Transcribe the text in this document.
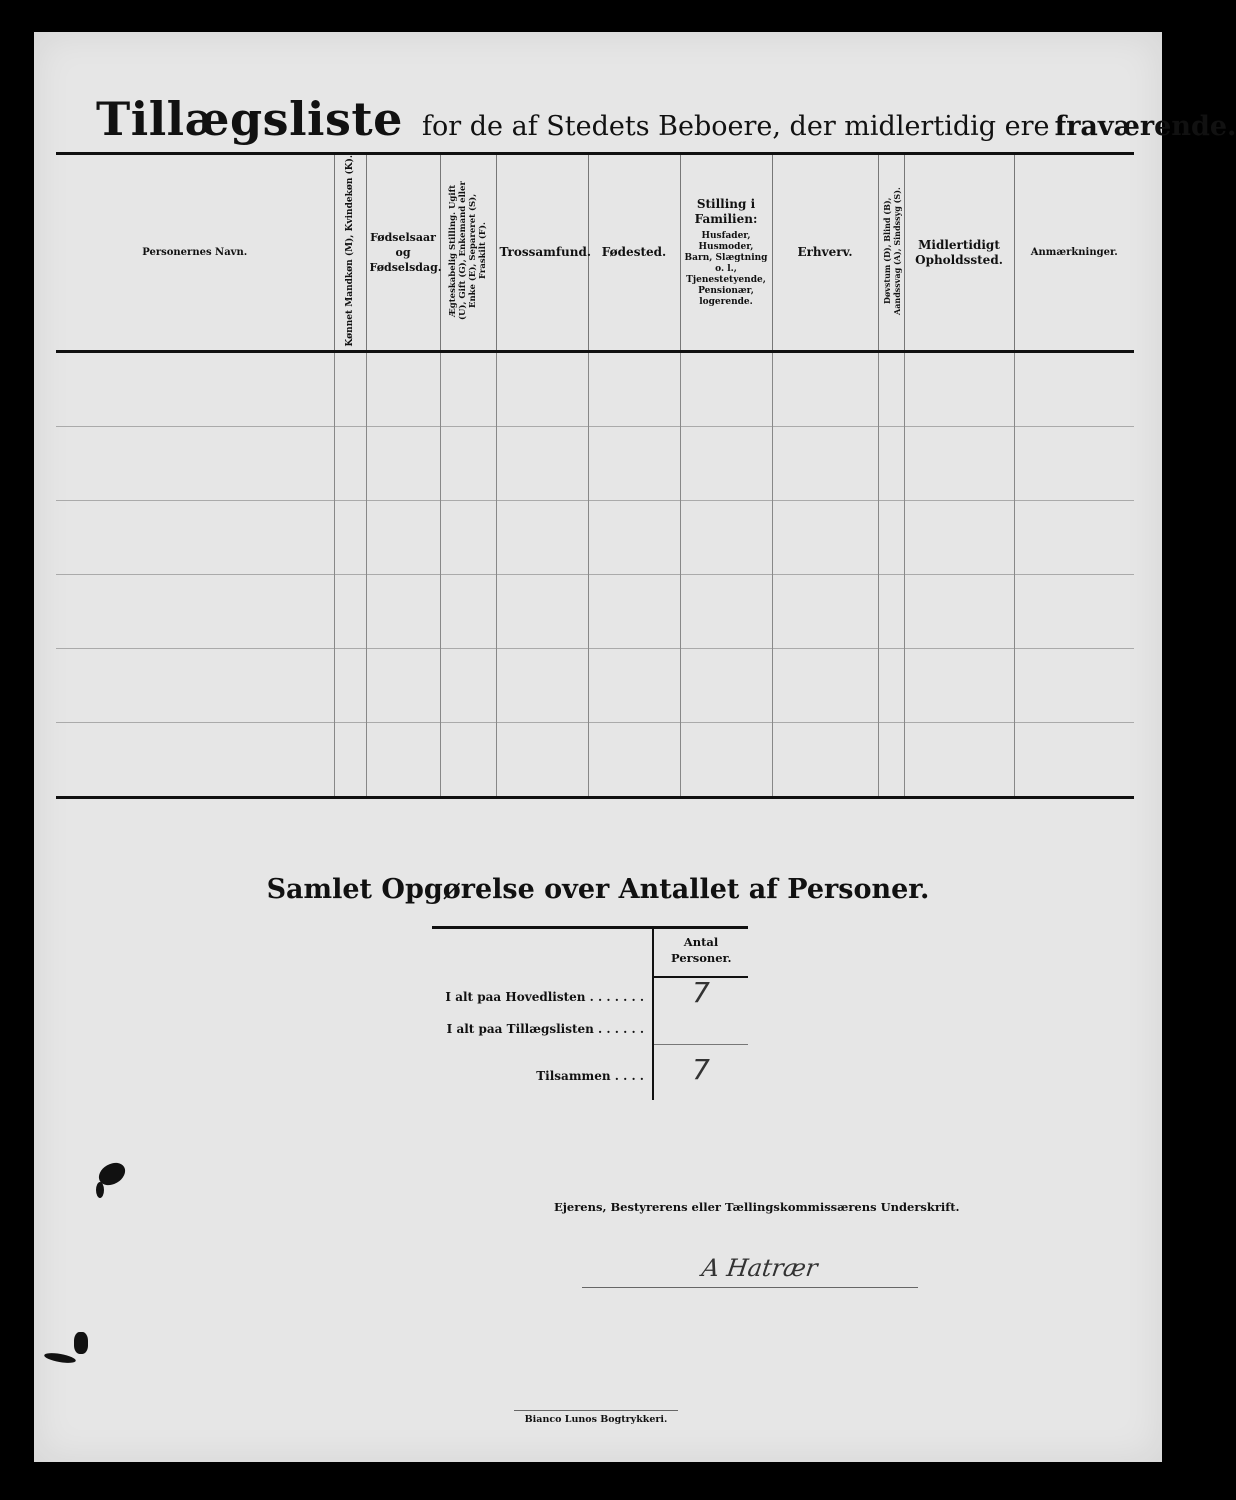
Tillægsliste for de af Stedets Beboere, der midlertidig ere fraværende.
Personernes Navn.	Kønnet Mandkøn (M), Kvindekøn (K).	Fødselsaar og Fødselsdag.	Ægteskabelig Stilling. Ugift (U), Gift (G), Enkemand eller Enke (E), Separeret (S), Fraskilt (F).	Trossamfund.	Fødested.	Stilling i Familien:
Husfader, Husmoder, Barn, Slægtning o. l., Tjenestetyende, Pensionær, logerende.	Erhverv.	Døvstum (D), Blind (B), Aandssvag (A), Sindssyg (S).	Midlertidigt Opholdssted.	Anmærkninger.

Samlet Opgørelse over Antallet af Personer.
Antal Personer.
I alt paa Hovedlisten . . . . . . .	7
I alt paa Tillægslisten . . . . . .
Tilsammen . . . .	7
Ejerens, Bestyrerens eller Tællingskommissærens Underskrift.
A Hatrær
Bianco Lunos Bogtrykkeri.
